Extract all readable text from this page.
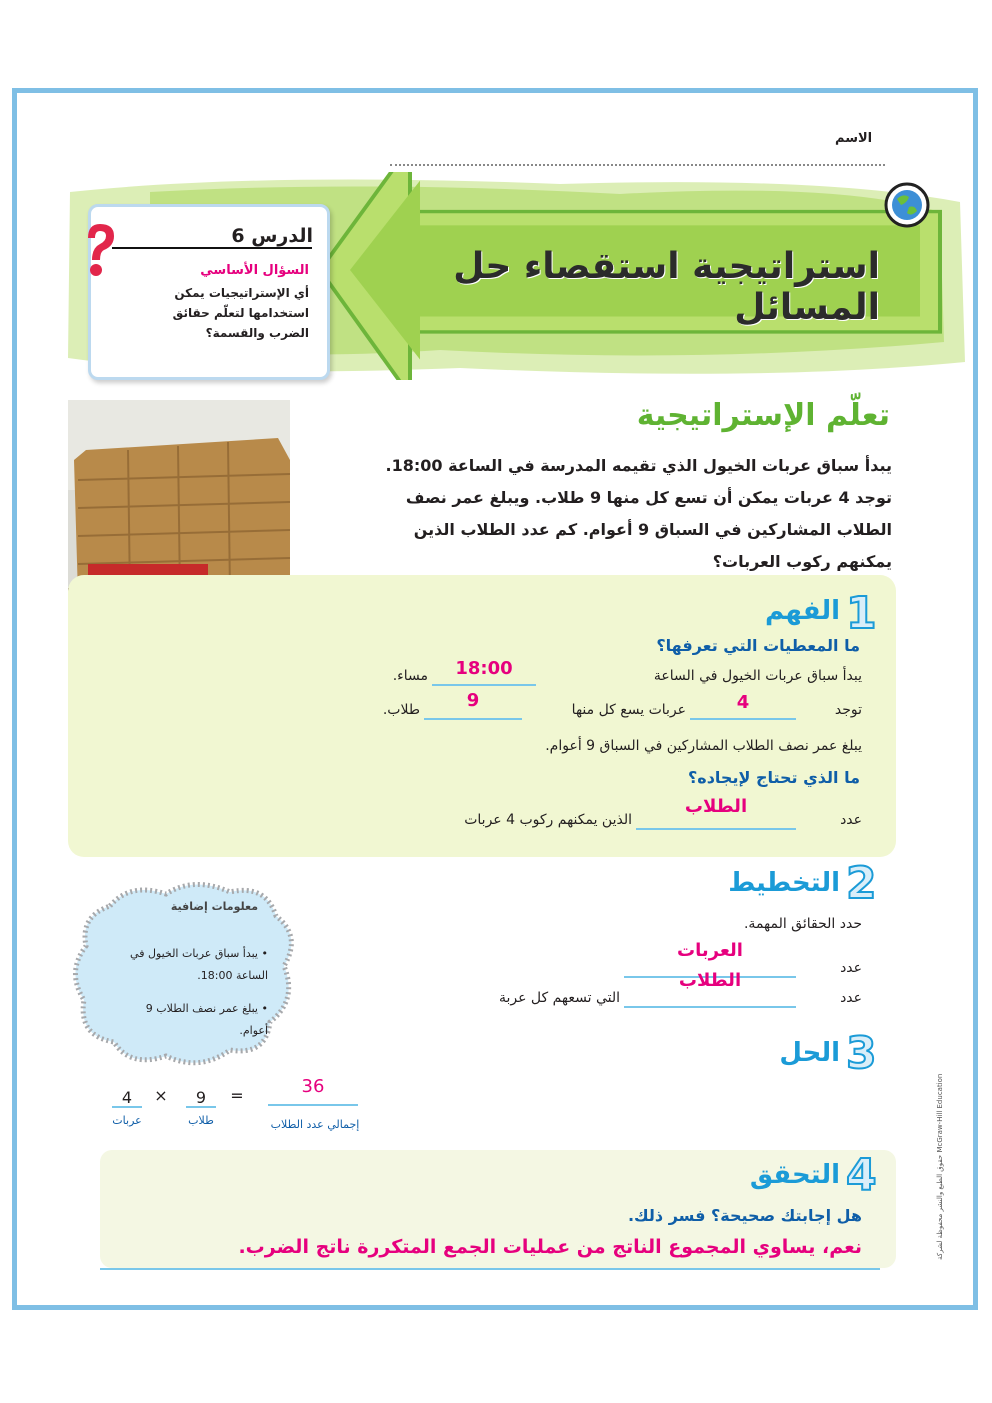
الاسم
استراتيجية استقصاء حل المسائل
الدرس 6
السؤال الأساسي
أي الإستراتيجيات يمكن استخدامها لتعلّم حقائق الضرب والقسمة؟
تعلّم الإستراتيجية
يبدأ سباق عربات الخيول الذي تقيمه المدرسة في الساعة 18:00.
توجد 4 عربات يمكن أن تسع كل منها 9 طلاب. ويبلغ عمر نصف
الطلاب المشاركين في السباق 9 أعوام. كم عدد الطلاب الذين
يمكنهم ركوب العربات؟
1
الفهم
ما المعطيات التي تعرفها؟
يبدأ سباق عربات الخيول في الساعة
18:00
مساء.
توجد
4
عربات يسع كل منها
9
طلاب.
يبلغ عمر نصف الطلاب المشاركين في السباق 9 أعوام.
ما الذي تحتاج لإيجاده؟
عدد
الطلاب
الذين يمكنهم ركوب 4 عربات
2
التخطيط
حدد الحقائق المهمة.
عدد
العربات
عدد
الطلاب
التي تسعهم كل عربة
معلومات إضافية
• يبدأ سباق عربات الخيول في الساعة 18:00.
• يبلغ عمر نصف الطلاب 9 أعوام.	3
الحل
4	×	9	=	36
عربات	طلاب	إجمالي عدد الطلاب
4
التحقق
هل إجابتك صحيحة؟ فسر ذلك.
نعم، يساوي المجموع الناتج من عمليات الجمع المتكررة ناتج الضرب.	حقوق الطبع والنشر محفوظة لشركة McGraw-Hill Education
